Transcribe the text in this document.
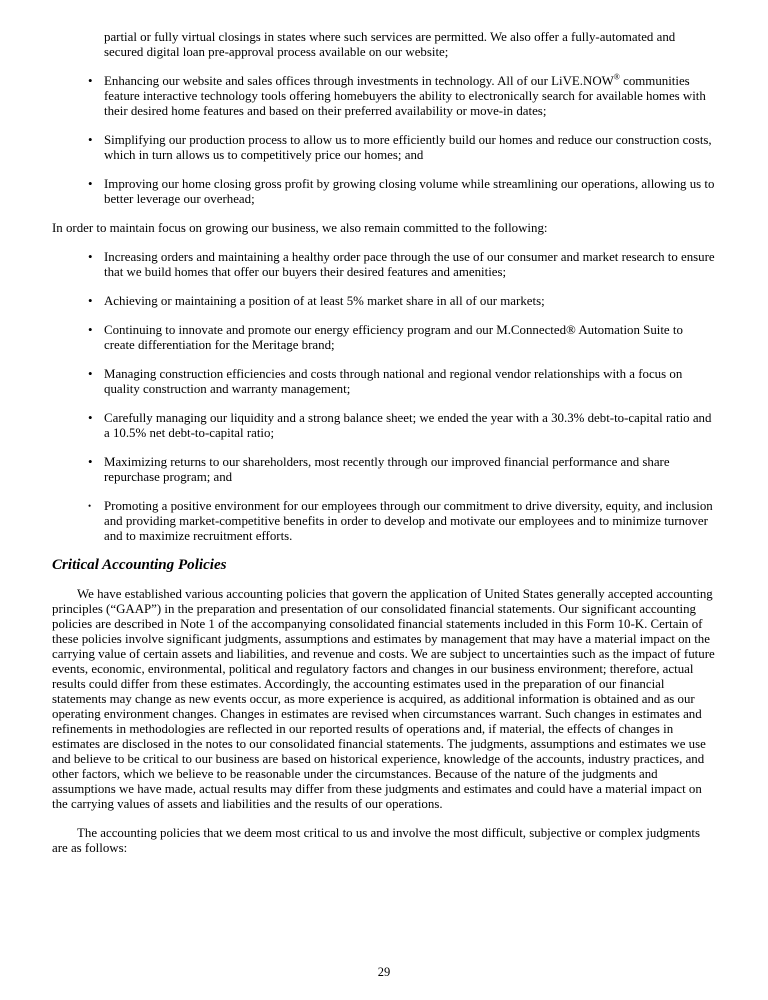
partial or fully virtual closings in states where such services are permitted. We also offer a fully-automated and secured digital loan pre-approval process available on our website;

• Enhancing our website and sales offices through investments in technology. All of our LiVE.NOW® communities feature interactive technology tools offering homebuyers the ability to electronically search for available homes with their desired home features and based on their preferred availability or move-in dates;
• Simplifying our production process to allow us to more efficiently build our homes and reduce our construction costs, which in turn allows us to competitively price our homes; and
• Improving our home closing gross profit by growing closing volume while streamlining our operations, allowing us to better leverage our overhead;

In order to maintain focus on growing our business, we also remain committed to the following:

• Increasing orders and maintaining a healthy order pace through the use of our consumer and market research to ensure that we build homes that offer our buyers their desired features and amenities;
• Achieving or maintaining a position of at least 5% market share in all of our markets;
• Continuing to innovate and promote our energy efficiency program and our M.Connected® Automation Suite to create differentiation for the Meritage brand;
• Managing construction efficiencies and costs through national and regional vendor relationships with a focus on quality construction and warranty management;
• Carefully managing our liquidity and a strong balance sheet; we ended the year with a 30.3% debt-to-capital ratio and a 10.5% net debt-to-capital ratio;
• Maximizing returns to our shareholders, most recently through our improved financial performance and share repurchase program; and
• Promoting a positive environment for our employees through our commitment to drive diversity, equity, and inclusion and providing market-competitive benefits in order to develop and motivate our employees and to minimize turnover and to maximize recruitment efforts.
Critical Accounting Policies

We have established various accounting policies that govern the application of United States generally accepted accounting principles (“GAAP”) in the preparation and presentation of our consolidated financial statements. Our significant accounting policies are described in Note 1 of the accompanying consolidated financial statements included in this Form 10-K. Certain of these policies involve significant judgments, assumptions and estimates by management that may have a material impact on the carrying value of certain assets and liabilities, and revenue and costs. We are subject to uncertainties such as the impact of future events, economic, environmental, political and regulatory factors and changes in our business environment; therefore, actual results could differ from these estimates. Accordingly, the accounting estimates used in the preparation of our financial statements may change as new events occur, as more experience is acquired, as additional information is obtained and as our operating environment changes. Changes in estimates are revised when circumstances warrant. Such changes in estimates and refinements in methodologies are reflected in our reported results of operations and, if material, the effects of changes in estimates are disclosed in the notes to our consolidated financial statements. The judgments, assumptions and estimates we use and believe to be critical to our business are based on historical experience, knowledge of the accounts, industry practices, and other factors, which we believe to be reasonable under the circumstances. Because of the nature of the judgments and assumptions we have made, actual results may differ from these judgments and estimates and could have a material impact on the carrying values of assets and liabilities and the results of our operations.

The accounting policies that we deem most critical to us and involve the most difficult, subjective or complex judgments are as follows:

29
